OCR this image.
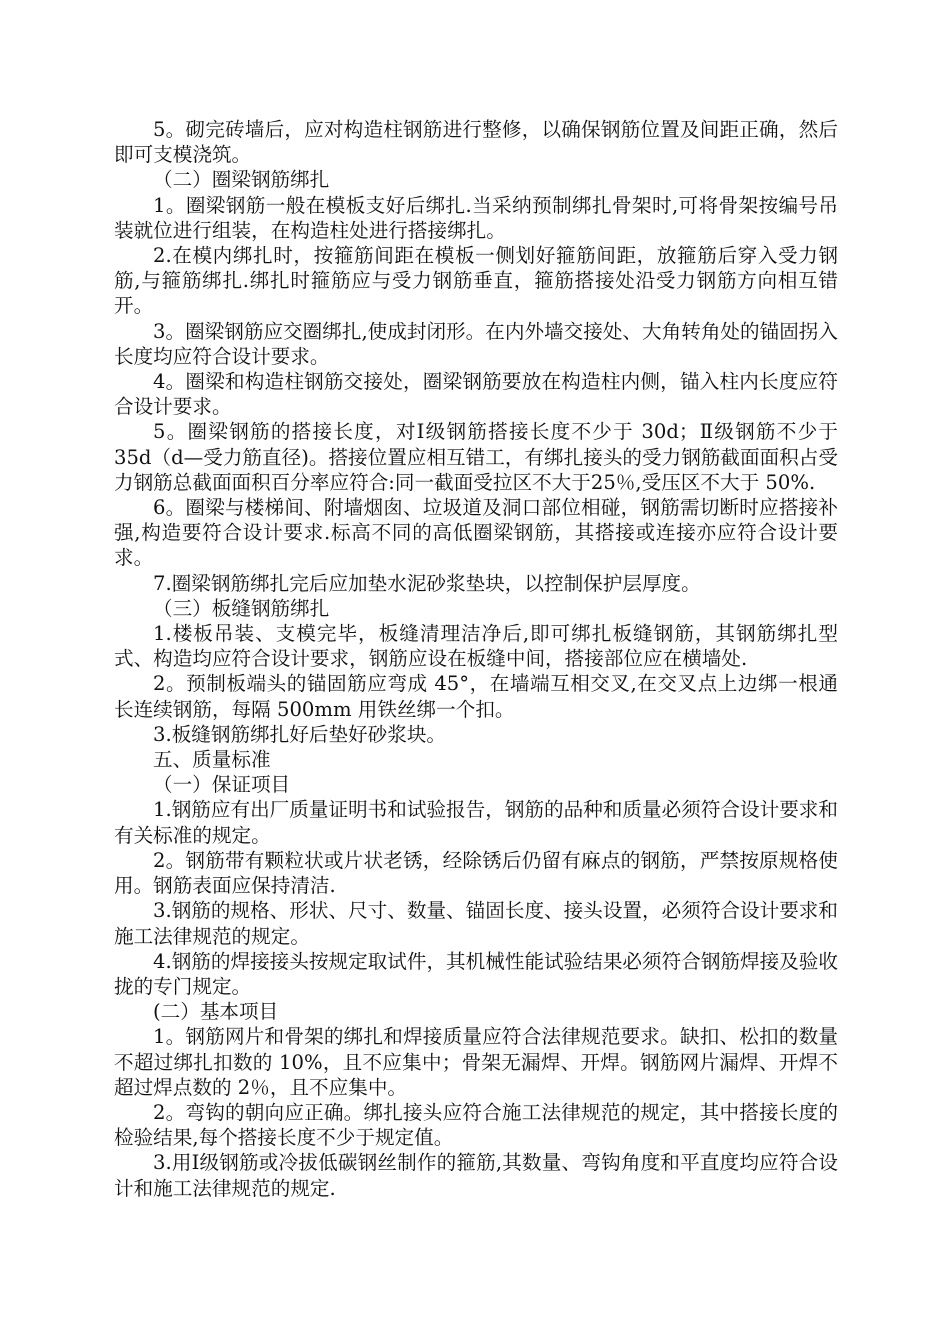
5。砌完砖墙后，应对构造柱钢筋进行整修，以确保钢筋位置及间距正确，然后即可支模浇筑。

（二）圈梁钢筋绑扎

1。圈梁钢筋一般在模板支好后绑扎.当采纳预制绑扎骨架时,可将骨架按编号吊装就位进行组装，在构造柱处进行搭接绑扎。

2.在模内绑扎时，按箍筋间距在模板一侧划好箍筋间距，放箍筋后穿入受力钢筋,与箍筋绑扎.绑扎时箍筋应与受力钢筋垂直，箍筋搭接处沿受力钢筋方向相互错开。

3。圈梁钢筋应交圈绑扎,使成封闭形。在内外墙交接处、大角转角处的锚固拐入长度均应符合设计要求。

4。圈梁和构造柱钢筋交接处，圈梁钢筋要放在构造柱内侧，锚入柱内长度应符合设计要求。

5。圈梁钢筋的搭接长度，对Ⅰ级钢筋搭接长度不少于 30d；Ⅱ级钢筋不少于 35d（d—受力筋直径)。搭接位置应相互错工，有绑扎接头的受力钢筋截面面积占受力钢筋总截面面积百分率应符合:同一截面受拉区不大于25％,受压区不大于 50%.

6。圈梁与楼梯间、附墙烟囱、垃圾道及洞口部位相碰，钢筋需切断时应搭接补强,构造要符合设计要求.标高不同的高低圈梁钢筋，其搭接或连接亦应符合设计要求。

7.圈梁钢筋绑扎完后应加垫水泥砂浆垫块，以控制保护层厚度。

（三）板缝钢筋绑扎

1.楼板吊装、支模完毕，板缝清理洁净后,即可绑扎板缝钢筋，其钢筋绑扎型式、构造均应符合设计要求，钢筋应设在板缝中间，搭接部位应在横墙处.

2。预制板端头的锚固筋应弯成 45°，在墙端互相交叉,在交叉点上边绑一根通长连续钢筋，每隔 500mm 用铁丝绑一个扣。

3.板缝钢筋绑扎好后垫好砂浆块。

五、质量标准

（一）保证项目

1.钢筋应有出厂质量证明书和试验报告，钢筋的品种和质量必须符合设计要求和有关标准的规定。

2。钢筋带有颗粒状或片状老锈，经除锈后仍留有麻点的钢筋，严禁按原规格使用。钢筋表面应保持清洁.

3.钢筋的规格、形状、尺寸、数量、锚固长度、接头设置，必须符合设计要求和施工法律规范的规定。

4.钢筋的焊接接头按规定取试件，其机械性能试验结果必须符合钢筋焊接及验收拢的专门规定。

(二）基本项目

1。钢筋网片和骨架的绑扎和焊接质量应符合法律规范要求。缺扣、松扣的数量不超过绑扎扣数的 10%，且不应集中；骨架无漏焊、开焊。钢筋网片漏焊、开焊不超过焊点数的 2％，且不应集中。

2。弯钩的朝向应正确。绑扎接头应符合施工法律规范的规定，其中搭接长度的检验结果,每个搭接长度不少于规定值。

3.用Ⅰ级钢筋或冷拔低碳钢丝制作的箍筋,其数量、弯钩角度和平直度均应符合设计和施工法律规范的规定.
